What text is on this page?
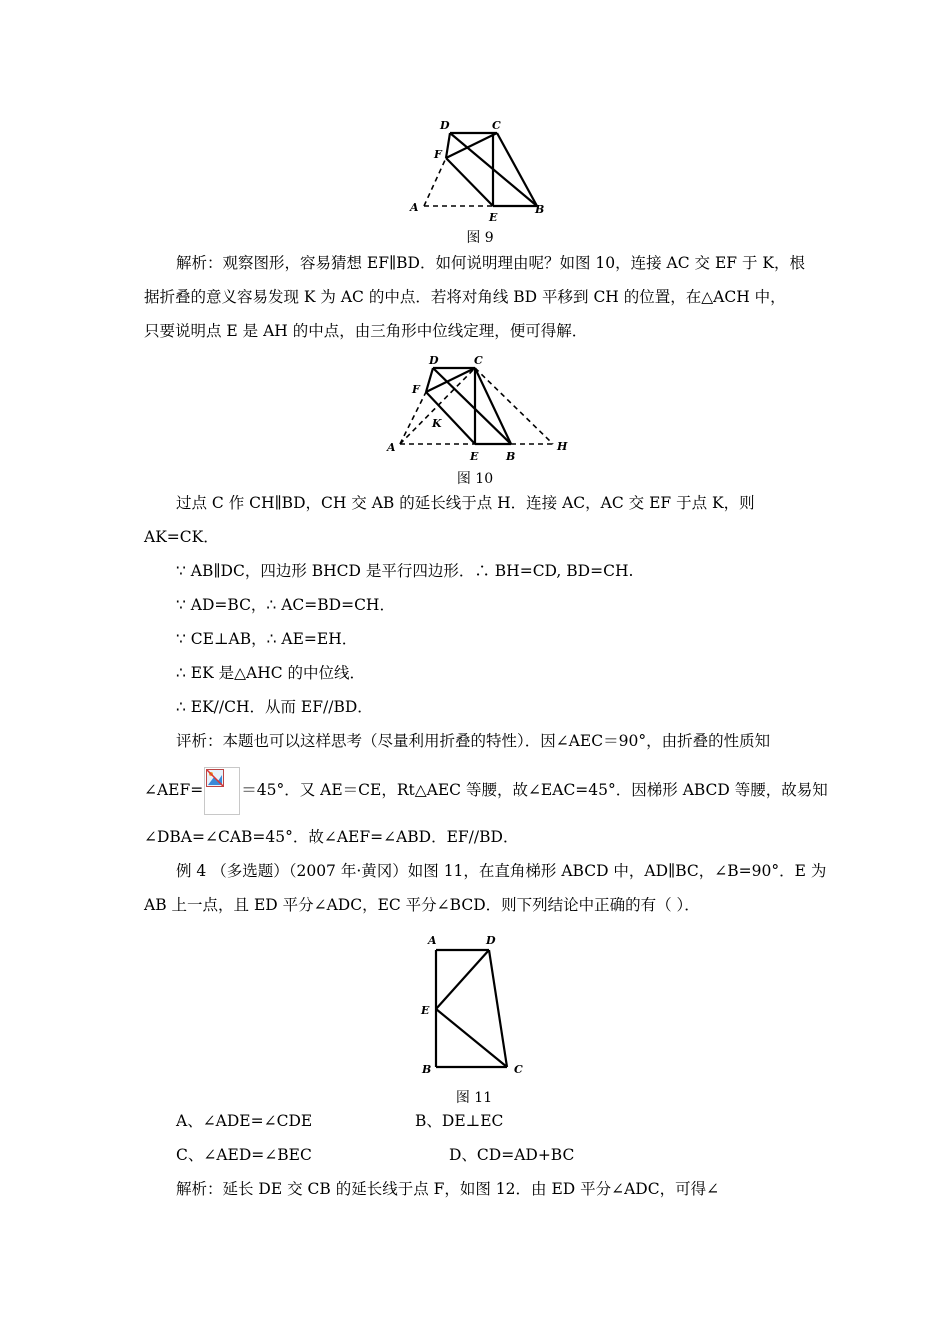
D	C
F
A
E
B
图 9
解析：观察图形，容易猜想 EF∥BD．如何说明理由呢？如图 10，连接 AC 交 EF 于 K，根
据折叠的意义容易发现 K 为 AC 的中点．若将对角线 BD 平移到 CH 的位置，在△ACH 中，
只要说明点 E 是 AH 的中点，由三角形中位线定理，便可得解．
D	C
F
K
A
E	B
H
图 10
过点 C 作 CH∥BD，CH 交 AB 的延长线于点 H．连接 AC，AC 交 EF 于点 K，则
AK=CK．
∵ AB∥DC，四边形 BHCD 是平行四边形．∴ BH=CD, BD=CH.
∵ AD=BC，∴ AC=BD=CH．
∵ CE⊥AB，∴ AE=EH．
∴ EK 是△AHC 的中位线．
∴ EK//CH．从而 EF//BD．
评析：本题也可以这样思考（尽量利用折叠的特性）．因∠AEC＝90°，由折叠的性质知
∠AEF= ＝45°．又 AE＝CE，Rt△AEC 等腰，故∠EAC=45°．因梯形 ABCD 等腰，故易知
∠DBA=∠CAB=45°．故∠AEF=∠ABD．EF//BD．
例 4 （多选题）（2007 年·黄冈）如图 11，在直角梯形 ABCD 中，AD∥BC，∠B=90°．E 为
AB 上一点，且 ED 平分∠ADC，EC 平分∠BCD．则下列结论中正确的有（ ）．
A	D
E
B	C
图 11
A、∠ADE=∠CDE	B、DE⊥EC
C、∠AED=∠BEC	D、CD=AD+BC
解析：延长 DE 交 CB 的延长线于点 F，如图 12．由 ED 平分∠ADC，可得∠
